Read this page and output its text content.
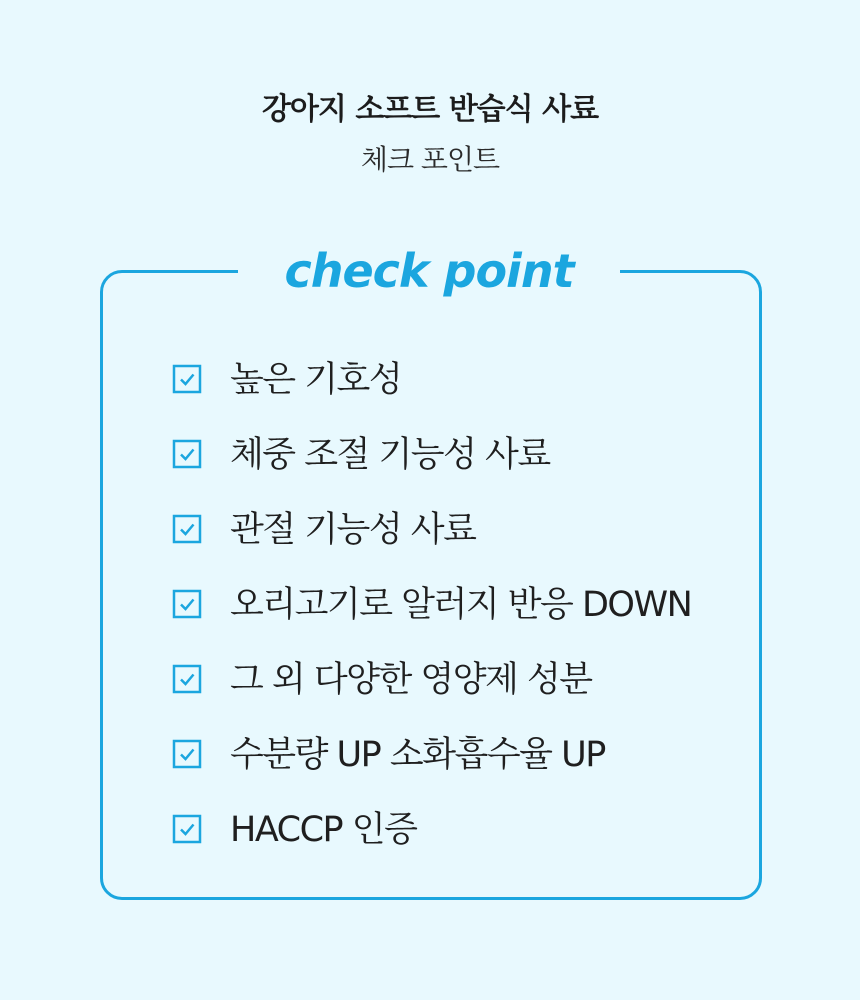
강아지 소프트 반습식 사료
체크 포인트
check point
높은 기호성
체중 조절 기능성 사료
관절 기능성 사료
오리고기로 알러지 반응 DOWN
그 외 다양한 영양제 성분
수분량 UP 소화흡수율 UP
HACCP 인증
